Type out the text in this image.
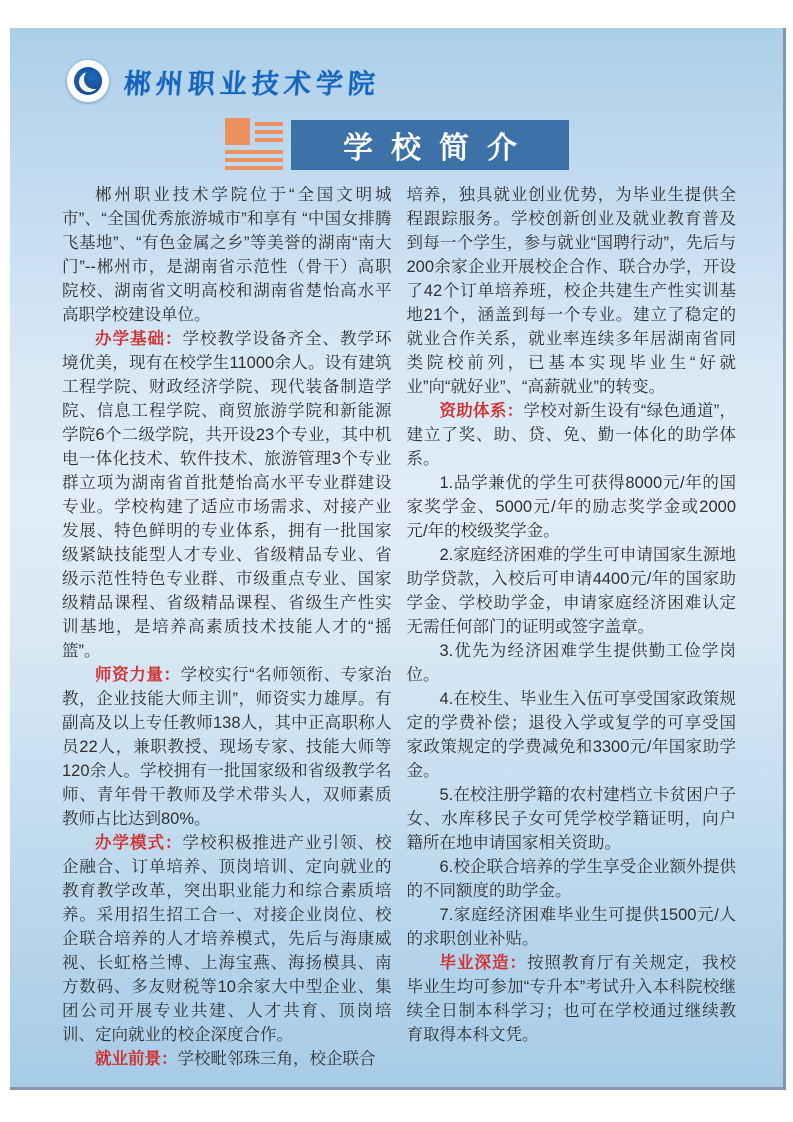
郴州职业技术学院
学校简介

郴州职业技术学院位于“全国文明城市”、“全国优秀旅游城市”和享有 “中国女排腾飞基地”、“有色金属之乡”等美誉的湖南“南大门”--郴州市，是湖南省示范性（骨干）高职院校、湖南省文明高校和湖南省楚怡高水平高职学校建设单位。

办学基础：学校教学设备齐全、教学环境优美，现有在校学生11000余人。设有建筑工程学院、财政经济学院、现代装备制造学院、信息工程学院、商贸旅游学院和新能源学院6个二级学院，共开设23个专业，其中机电一体化技术、软件技术、旅游管理3个专业群立项为湖南省首批楚怡高水平专业群建设专业。学校构建了适应市场需求、对接产业发展、特色鲜明的专业体系，拥有一批国家级紧缺技能型人才专业、省级精品专业、省级示范性特色专业群、市级重点专业、国家级精品课程、省级精品课程、省级生产性实训基地，是培养高素质技术技能人才的“摇篮”。

师资力量：学校实行“名师领衔、专家治教，企业技能大师主训”，师资实力雄厚。有副高及以上专任教师138人，其中正高职称人员22人，兼职教授、现场专家、技能大师等120余人。学校拥有一批国家级和省级教学名师、青年骨干教师及学术带头人，双师素质教师占比达到80%。

办学模式：学校积极推进产业引领、校企融合、订单培养、顶岗培训、定向就业的教育教学改革，突出职业能力和综合素质培养。采用招生招工合一、对接企业岗位、校企联合培养的人才培养模式，先后与海康威视、长虹格兰博、上海宝燕、海扬模具、南方数码、多友财税等10余家大中型企业、集团公司开展专业共建、人才共育、顶岗培训、定向就业的校企深度合作。

就业前景：学校毗邻珠三角，校企联合

培养，独具就业创业优势，为毕业生提供全程跟踪服务。学校创新创业及就业教育普及到每一个学生，参与就业“国聘行动”，先后与200余家企业开展校企合作、联合办学，开设了42个订单培养班，校企共建生产性实训基地21个，涵盖到每一个专业。建立了稳定的就业合作关系，就业率连续多年居湖南省同类院校前列，已基本实现毕业生“好就业”向“就好业”、“高薪就业”的转变。

资助体系：学校对新生设有“绿色通道”，建立了奖、助、贷、免、勤一体化的助学体系。

1.品学兼优的学生可获得8000元/年的国家奖学金、5000元/年的励志奖学金或2000元/年的校级奖学金。

2.家庭经济困难的学生可申请国家生源地助学贷款，入校后可申请4400元/年的国家助学金、学校助学金，申请家庭经济困难认定无需任何部门的证明或签字盖章。

3.优先为经济困难学生提供勤工俭学岗位。

4.在校生、毕业生入伍可享受国家政策规定的学费补偿；退役入学或复学的可享受国家政策规定的学费减免和3300元/年国家助学金。

5.在校注册学籍的农村建档立卡贫困户子女、水库移民子女可凭学校学籍证明，向户籍所在地申请国家相关资助。

6.校企联合培养的学生享受企业额外提供的不同额度的助学金。

7.家庭经济困难毕业生可提供1500元/人的求职创业补贴。

毕业深造：按照教育厅有关规定，我校毕业生均可参加“专升本”考试升入本科院校继续全日制本科学习；也可在学校通过继续教育取得本科文凭。
